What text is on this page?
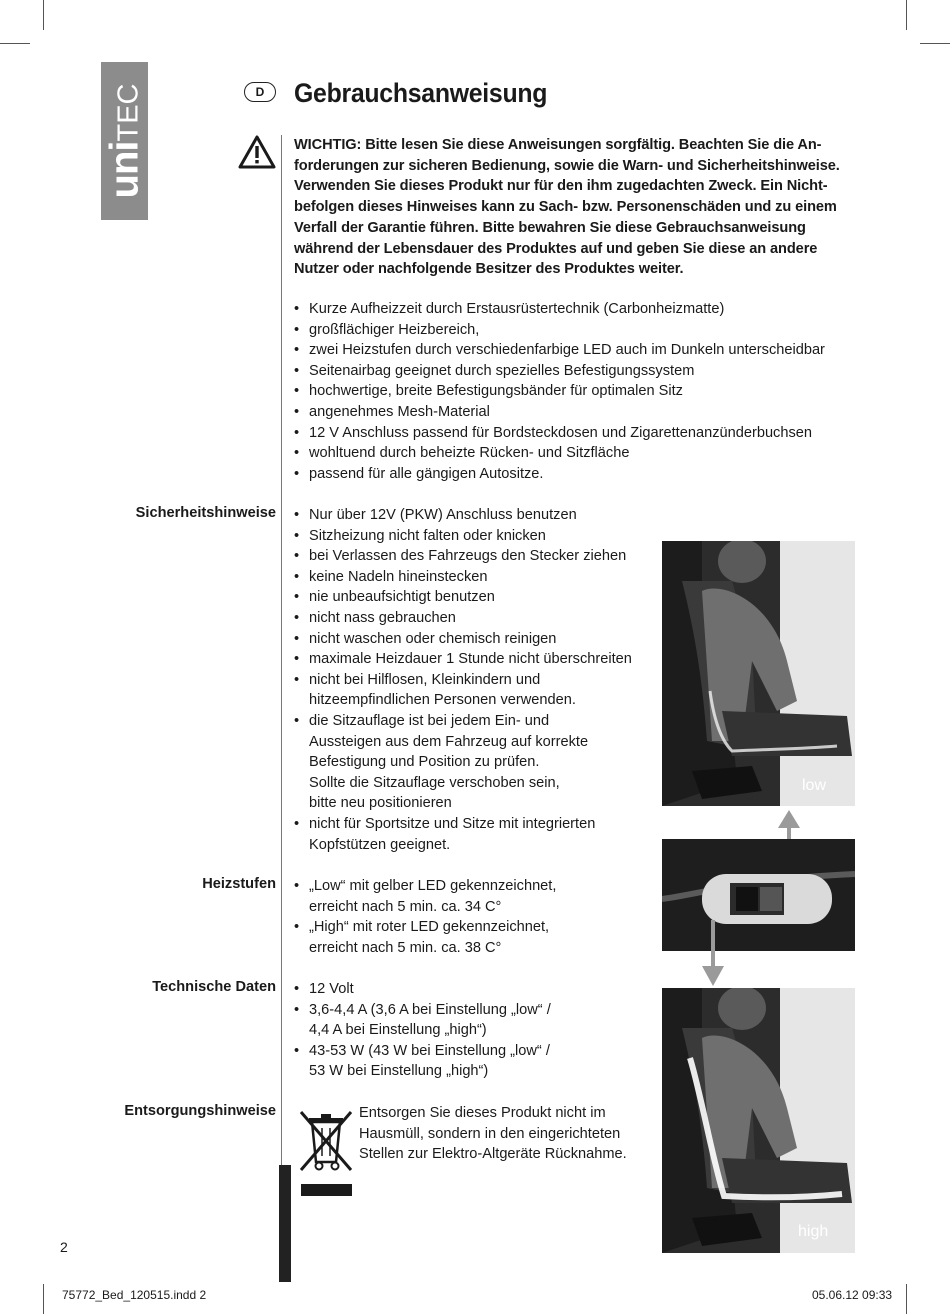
uniTEC	D	Gebrauchsanweisung

WICHTIG: Bitte lesen Sie diese Anweisungen sorgfältig. Beachten Sie die An-
forderungen zur sicheren Bedienung, sowie die Warn- und Sicherheitshinweise.
Verwenden Sie dieses Produkt nur für den ihm zugedachten Zweck. Ein Nicht-
befolgen dieses Hinweises kann zu Sach- bzw. Personenschäden und zu einem
Verfall der Garantie führen. Bitte bewahren Sie diese Gebrauchsanweisung
während der Lebensdauer des Produktes auf und geben Sie diese an andere
Nutzer oder nachfolgende Besitzer des Produktes weiter.

• Kurze Aufheizzeit durch Erstausrüstertechnik (Carbonheizmatte)
• großflächiger Heizbereich,
• zwei Heizstufen durch verschiedenfarbige LED auch im Dunkeln unterscheidbar
• Seitenairbag geeignet durch spezielles Befestigungssystem
• hochwertige, breite Befestigungsbänder für optimalen Sitz
• angenehmes Mesh-Material
• 12 V Anschluss passend für Bordsteckdosen und Zigarettenanzünderbuchsen
• wohltuend durch beheizte Rücken- und Sitzfläche
• passend für alle gängigen Autositze.
Sicherheitshinweise • Nur über 12V (PKW) Anschluss benutzen
• Sitzheizung nicht falten oder knicken
• bei Verlassen des Fahrzeugs den Stecker ziehen
• keine Nadeln hineinstecken
• nie unbeaufsichtigt benutzen
• nicht nass gebrauchen
• nicht waschen oder chemisch reinigen
• maximale Heizdauer 1 Stunde nicht überschreiten
• nicht bei Hilflosen, Kleinkindern und
hitzeempfindlichen Personen verwenden.
• die Sitzauflage ist bei jedem Ein- und
Aussteigen aus dem Fahrzeug auf korrekte
Befestigung und Position zu prüfen.
Sollte die Sitzauflage verschoben sein,
bitte neu positionieren
• nicht für Sportsitze und Sitze mit integrierten
Kopfstützen geeignet.
Heizstufen • „Low“ mit gelber LED gekennzeichnet,
erreicht nach 5 min. ca. 34 C°
• „High“ mit roter LED gekennzeichnet,
erreicht nach 5 min. ca. 38 C°
Technische Daten • 12 Volt
• 3,6-4,4 A (3,6 A bei Einstellung „low“ /
4,4 A bei Einstellung „high“)
• 43-53 W (43 W bei Einstellung „low“ /
53 W bei Einstellung „high“)
Entsorgungshinweise	Entsorgen Sie dieses Produkt nicht im
Hausmüll, sondern in den eingerichteten
Stellen zur Elektro-Altgeräte Rücknahme.

low
high
2
75772_Bed_120515.indd 2	05.06.12 09:33
